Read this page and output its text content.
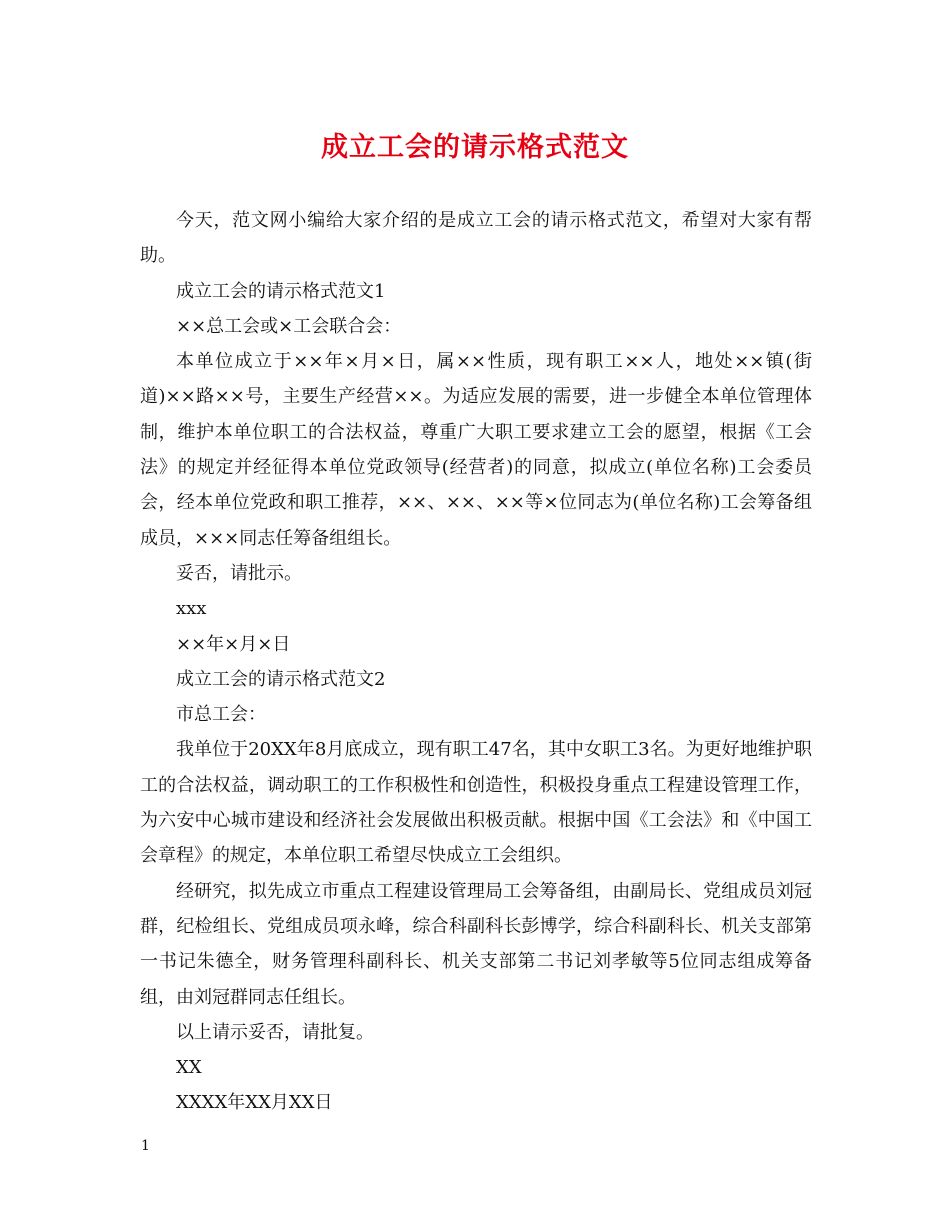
成立工会的请示格式范文

今天，范文网小编给大家介绍的是成立工会的请示格式范文，希望对大家有帮助。

成立工会的请示格式范文1

××总工会或×工会联合会：

本单位成立于××年×月×日，属××性质，现有职工××人，地处××镇(街道)××路××号，主要生产经营××。为适应发展的需要，进一步健全本单位管理体制，维护本单位职工的合法权益，尊重广大职工要求建立工会的愿望，根据《工会法》的规定并经征得本单位党政领导(经营者)的同意，拟成立(单位名称)工会委员会，经本单位党政和职工推荐，××、××、××等×位同志为(单位名称)工会筹备组成员，×××同志任筹备组组长。

妥否，请批示。

xxx

××年×月×日

成立工会的请示格式范文2

市总工会：

我单位于20XX年8月底成立，现有职工47名，其中女职工3名。为更好地维护职工的合法权益，调动职工的工作积极性和创造性，积极投身重点工程建设管理工作，为六安中心城市建设和经济社会发展做出积极贡献。根据中国《工会法》和《中国工会章程》的规定，本单位职工希望尽快成立工会组织。

经研究，拟先成立市重点工程建设管理局工会筹备组，由副局长、党组成员刘冠群，纪检组长、党组成员项永峰，综合科副科长彭博学，综合科副科长、机关支部第一书记朱德全，财务管理科副科长、机关支部第二书记刘孝敏等5位同志组成筹备组，由刘冠群同志任组长。

以上请示妥否，请批复。

XX

XXXX年XX月XX日

1
